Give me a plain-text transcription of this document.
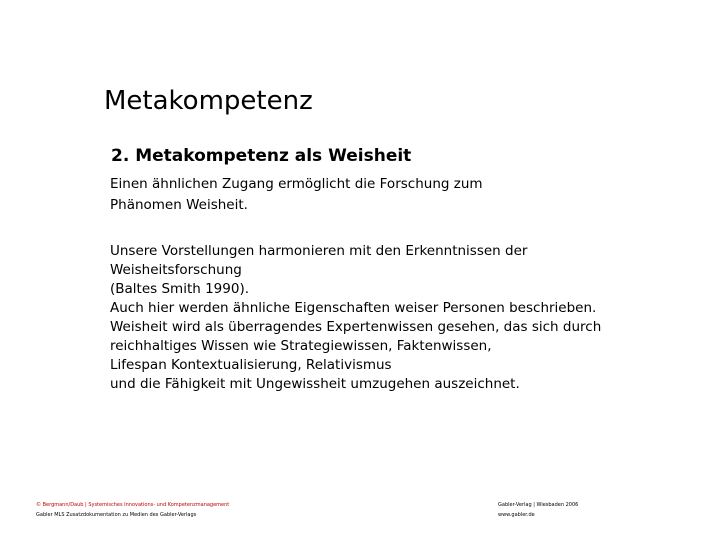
Metakompetenz
2. Metakompetenz als Weisheit

Einen ähnlichen Zugang ermöglicht die Forschung zum
Phänomen Weisheit.

Unsere Vorstellungen harmonieren mit den Erkenntnissen der
Weisheitsforschung
(Baltes Smith 1990).
Auch hier werden ähnliche Eigenschaften weiser Personen beschrieben.
Weisheit wird als überragendes Expertenwissen gesehen, das sich durch
reichhaltiges Wissen wie Strategiewissen, Faktenwissen,
Lifespan Kontextualisierung, Relativismus
und die Fähigkeit mit Ungewissheit umzugehen auszeichnet.

© Bergmann/Daub | Systemisches Innovations- und Kompetenzmanagement
Gabler MLS Zusatzdokumentation zu Medien des Gabler-Verlags
Gabler-Verlag | Wiesbaden 2006
www.gabler.de
